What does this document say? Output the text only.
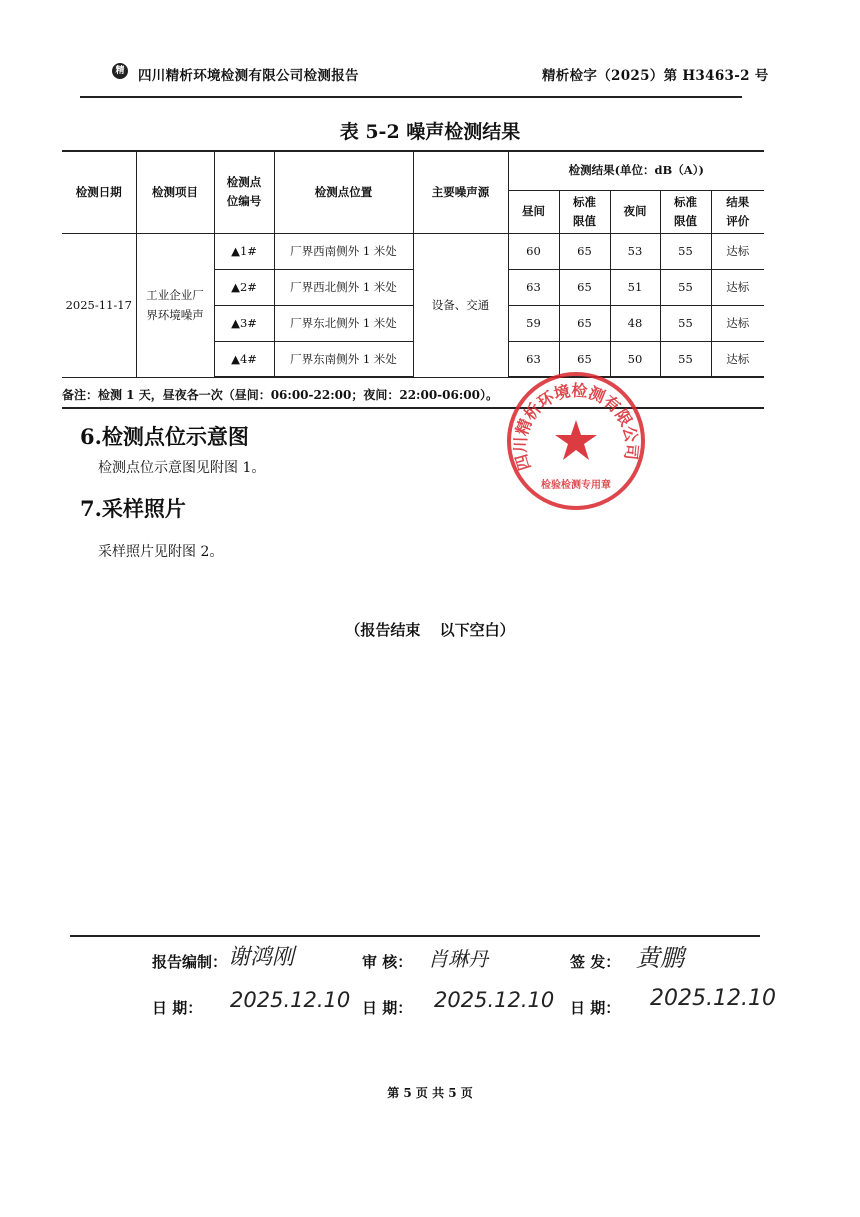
精 四川精析环境检测有限公司检测报告	精析检字（2025）第 H3463-2 号
表 5-2 噪声检测结果
检测日期	检测项目	检测点位编号	检测点位置	主要噪声源	检测结果(单位：dB（A）)				
					昼间	标准限值	夜间	标准限值	结果评价
2025-11-17	工业企业厂界环境噪声	▲1#	厂界西南侧外 1 米处	设备、交通	60	65	53	55	达标
		▲2#	厂界西北侧外 1 米处		63	65	51	55	达标
		▲3#	厂界东北侧外 1 米处		59	65	48	55	达标
		▲4#	厂界东南侧外 1 米处		63	65	50	55	达标
备注：检测 1 天，昼夜各一次（昼间：06:00-22:00；夜间：22:00-06:00）。
6.检测点位示意图
检测点位示意图见附图 1。
7.采样照片
采样照片见附图 2。
四川精析环境检测有限公司
检验检测专用章
（报告结束 以下空白）
报告编制： 谢鸿刚	审 核： 肖琳丹	签 发： 黄鹏
日 期： 2025.12.10 日 期： 2025.12.10 日 期： 2025.12.10
第 5 页 共 5 页
